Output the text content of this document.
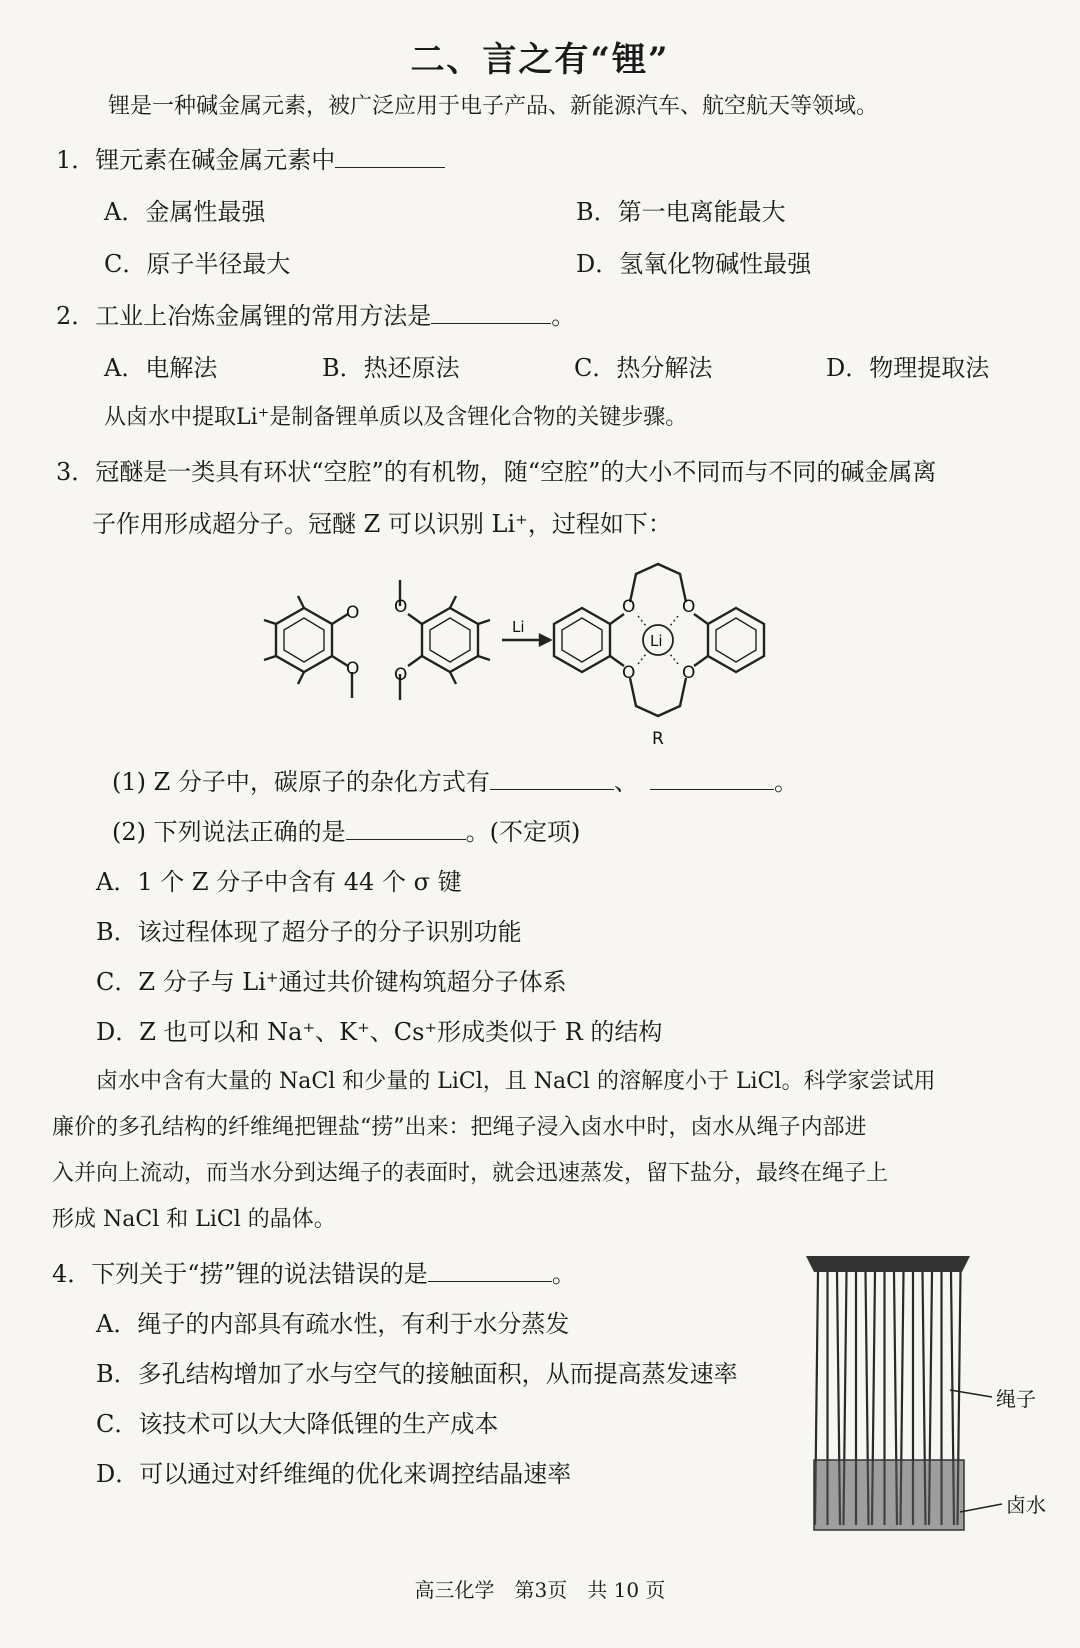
二、言之有“锂”
锂是一种碱金属元素，被广泛应用于电子产品、新能源汽车、航空航天等领域。
1．锂元素在碱金属元素中
A．金属性最强	B．第一电离能最大
C．原子半径最大	D．氢氧化物碱性最强
2．工业上冶炼金属锂的常用方法是	。
A．电解法	B．热还原法	C．热分解法	D．物理提取法
从卤水中提取Li⁺是制备锂单质以及含锂化合物的关键步骤。
3．冠醚是一类具有环状“空腔”的有机物，随“空腔”的大小不同而与不同的碱金属离
子作用形成超分子。冠醚 Z 可以识别 Li⁺，过程如下：
O
O
O
O
O
O
O
O
Li
Li
R
(1) Z 分子中，碳原子的杂化方式有	、	。
(2) 下列说法正确的是	。(不定项)
A．1 个 Z 分子中含有 44 个 σ 键
B．该过程体现了超分子的分子识别功能
C．Z 分子与 Li⁺通过共价键构筑超分子体系
D．Z 也可以和 Na⁺、K⁺、Cs⁺形成类似于 R 的结构
卤水中含有大量的 NaCl 和少量的 LiCl，且 NaCl 的溶解度小于 LiCl。科学家尝试用
廉价的多孔结构的纤维绳把锂盐“捞”出来：把绳子浸入卤水中时，卤水从绳子内部进
入并向上流动，而当水分到达绳子的表面时，就会迅速蒸发，留下盐分，最终在绳子上
形成 NaCl 和 LiCl 的晶体。
4．下列关于“捞”锂的说法错误的是	。
A．绳子的内部具有疏水性，有利于水分蒸发
B．多孔结构增加了水与空气的接触面积，从而提高蒸发速率
C．该技术可以大大降低锂的生产成本
D．可以通过对纤维绳的优化来调控结晶速率
绳子
卤水
高三化学　第3页　共 10 页
